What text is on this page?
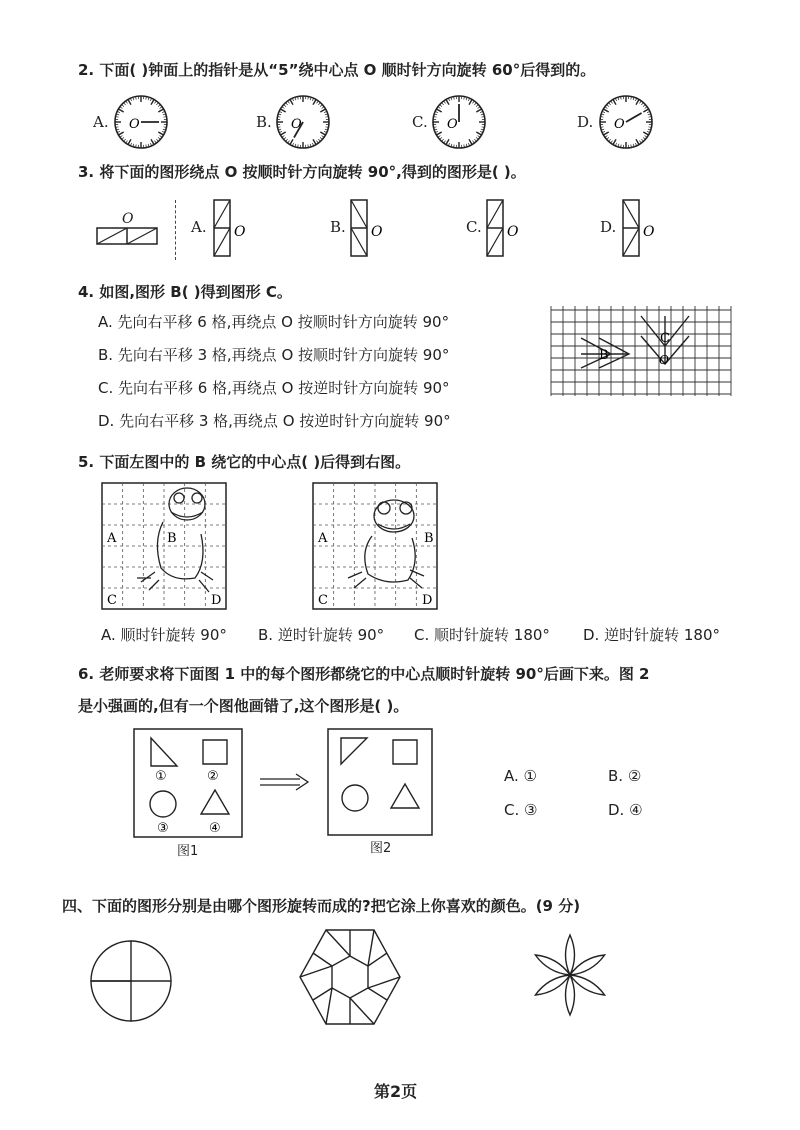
2. 下面( )钟面上的指针是从“5”绕中心点 O 顺时针方向旋转 60°后得到的。
A.	B.	C.	D.
O	O	O	O
3. 将下面的图形绕点 O 按顺时针方向旋转 90°,得到的图形是( )。
O	A. O	B. O	C. O	D. O
4. 如图,图形 B( )得到图形 C。
A. 先向右平移 6 格,再绕点 O 按顺时针方向旋转 90°
B. 先向右平移 3 格,再绕点 O 按顺时针方向旋转 90°
C. 先向右平移 6 格,再绕点 O 按逆时针方向旋转 90°
D. 先向右平移 3 格,再绕点 O 按逆时针方向旋转 90°
B
C
O
5. 下面左图中的 B 绕它的中心点( )后得到右图。
A	B
C	D
A	B
C	D
A. 顺时针旋转 90° B. 逆时针旋转 90° C. 顺时针旋转 180° D. 逆时针旋转 180°
6. 老师要求将下面图 1 中的每个图形都绕它的中心点顺时针旋转 90°后画下来。图 2
是小强画的,但有一个图他画错了,这个图形是( )。
①	②
③	④
图1	图2
A. ①	B. ②
C. ③	D. ④
四、下面的图形分别是由哪个图形旋转而成的?把它涂上你喜欢的颜色。(9 分)
第2页
